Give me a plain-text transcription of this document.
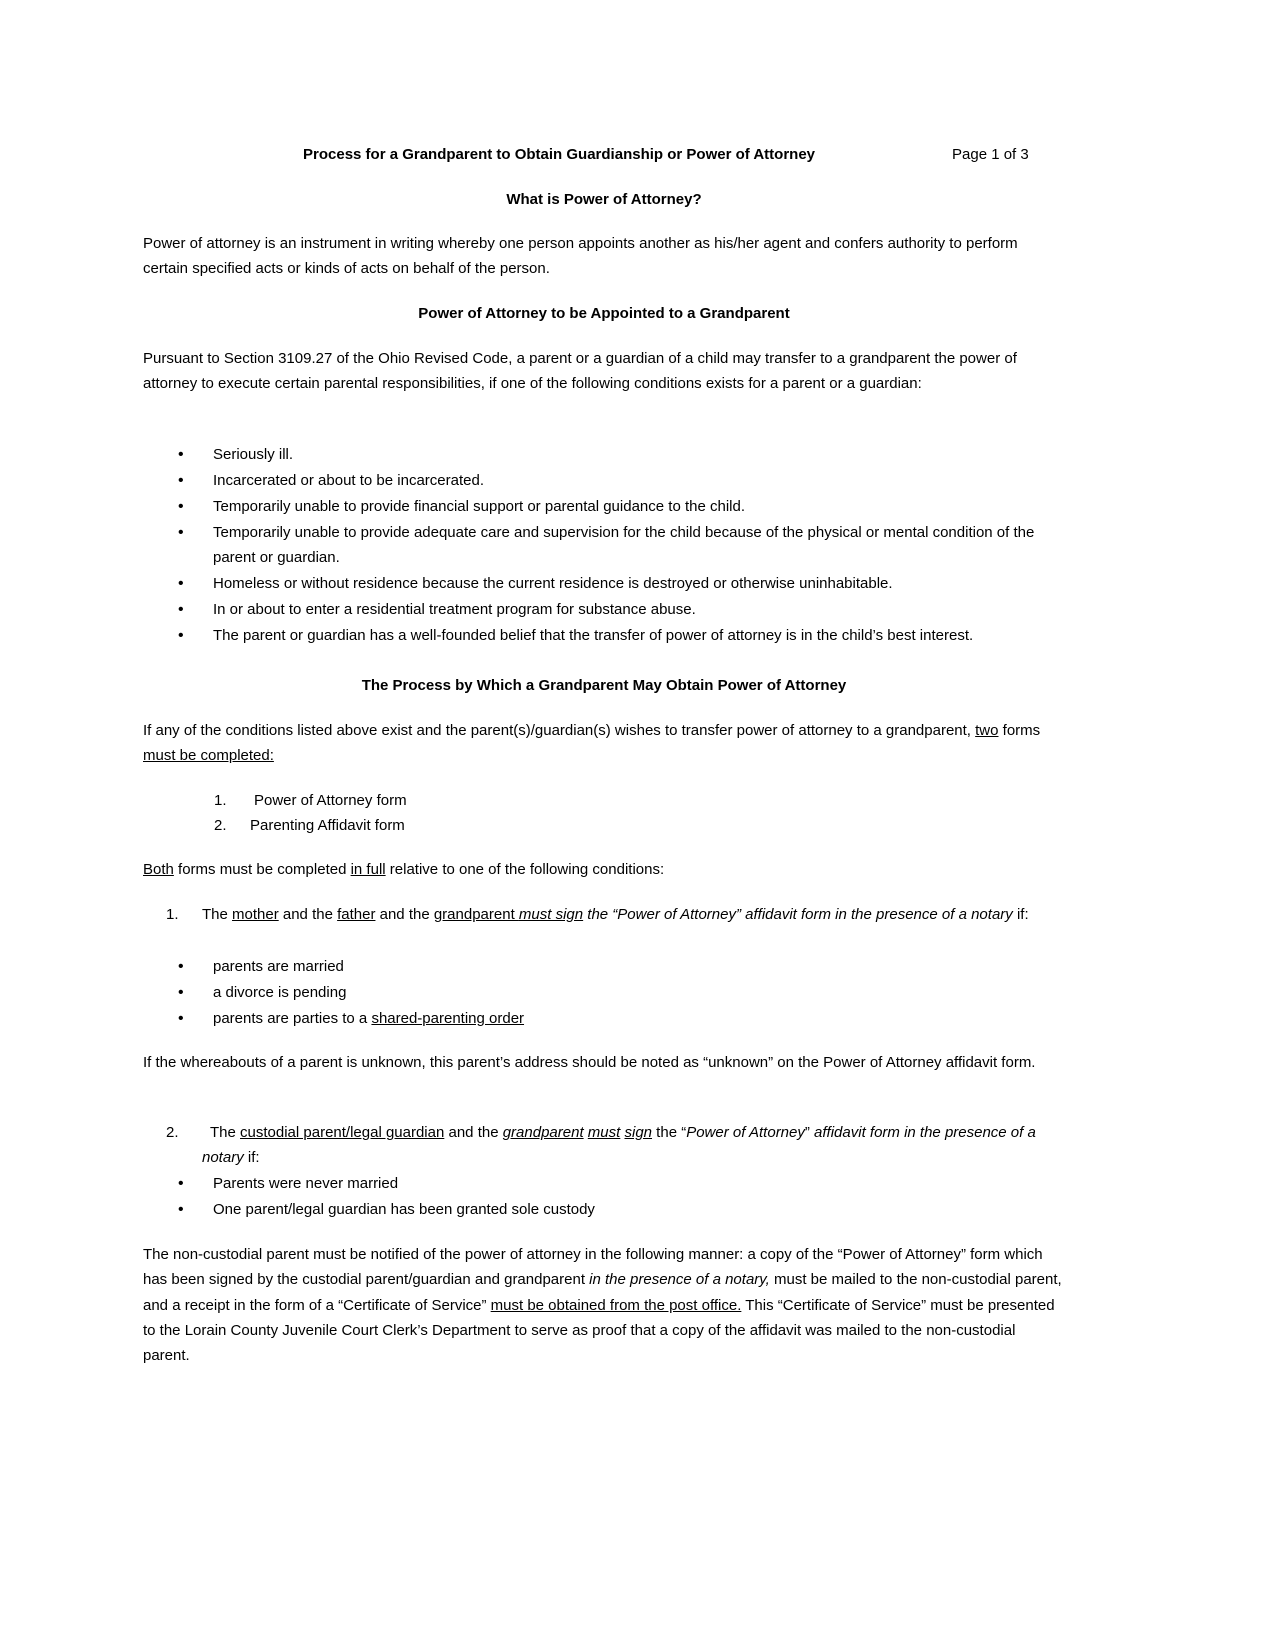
Process for a Grandparent to Obtain Guardianship or Power of Attorney	Page 1 of 3
What is Power of Attorney?
Power of attorney is an instrument in writing whereby one person appoints another as his/her agent and confers authority to perform certain specified acts or kinds of acts on behalf of the person.
Power of Attorney to be Appointed to a Grandparent
Pursuant to Section 3109.27 of the Ohio Revised Code, a parent or a guardian of a child may transfer to a grandparent the power of attorney to execute certain parental responsibilities, if one of the following conditions exists for a parent or a guardian:
• Seriously ill.
• Incarcerated or about to be incarcerated.
• Temporarily unable to provide financial support or parental guidance to the child.
• Temporarily unable to provide adequate care and supervision for the child because of the physical or mental condition of the parent or guardian.
• Homeless or without residence because the current residence is destroyed or otherwise uninhabitable.
• In or about to enter a residential treatment program for substance abuse.
• The parent or guardian has a well-founded belief that the transfer of power of attorney is in the child’s best interest.
The Process by Which a Grandparent May Obtain Power of Attorney
If any of the conditions listed above exist and the parent(s)/guardian(s) wishes to transfer power of attorney to a grandparent, two forms must be completed:
1. Power of Attorney form
2. Parenting Affidavit form
Both forms must be completed in full relative to one of the following conditions:
1. The mother and the father and the grandparent must sign the “Power of Attorney” affidavit form in the presence of a notary if:
• parents are married
• a divorce is pending
• parents are parties to a shared-parenting order
If the whereabouts of a parent is unknown, this parent’s address should be noted as “unknown” on the Power of Attorney affidavit form.
2.	The custodial parent/legal guardian and the grandparent must sign the “Power of Attorney” affidavit form in the presence of a notary if:
• Parents were never married
• One parent/legal guardian has been granted sole custody
The non-custodial parent must be notified of the power of attorney in the following manner: a copy of the “Power of Attorney” form which has been signed by the custodial parent/guardian and grandparent in the presence of a notary, must be mailed to the non-custodial parent, and a receipt in the form of a “Certificate of Service” must be obtained from the post office. This “Certificate of Service” must be presented to the Lorain County Juvenile Court Clerk’s Department to serve as proof that a copy of the affidavit was mailed to the non-custodial parent.
